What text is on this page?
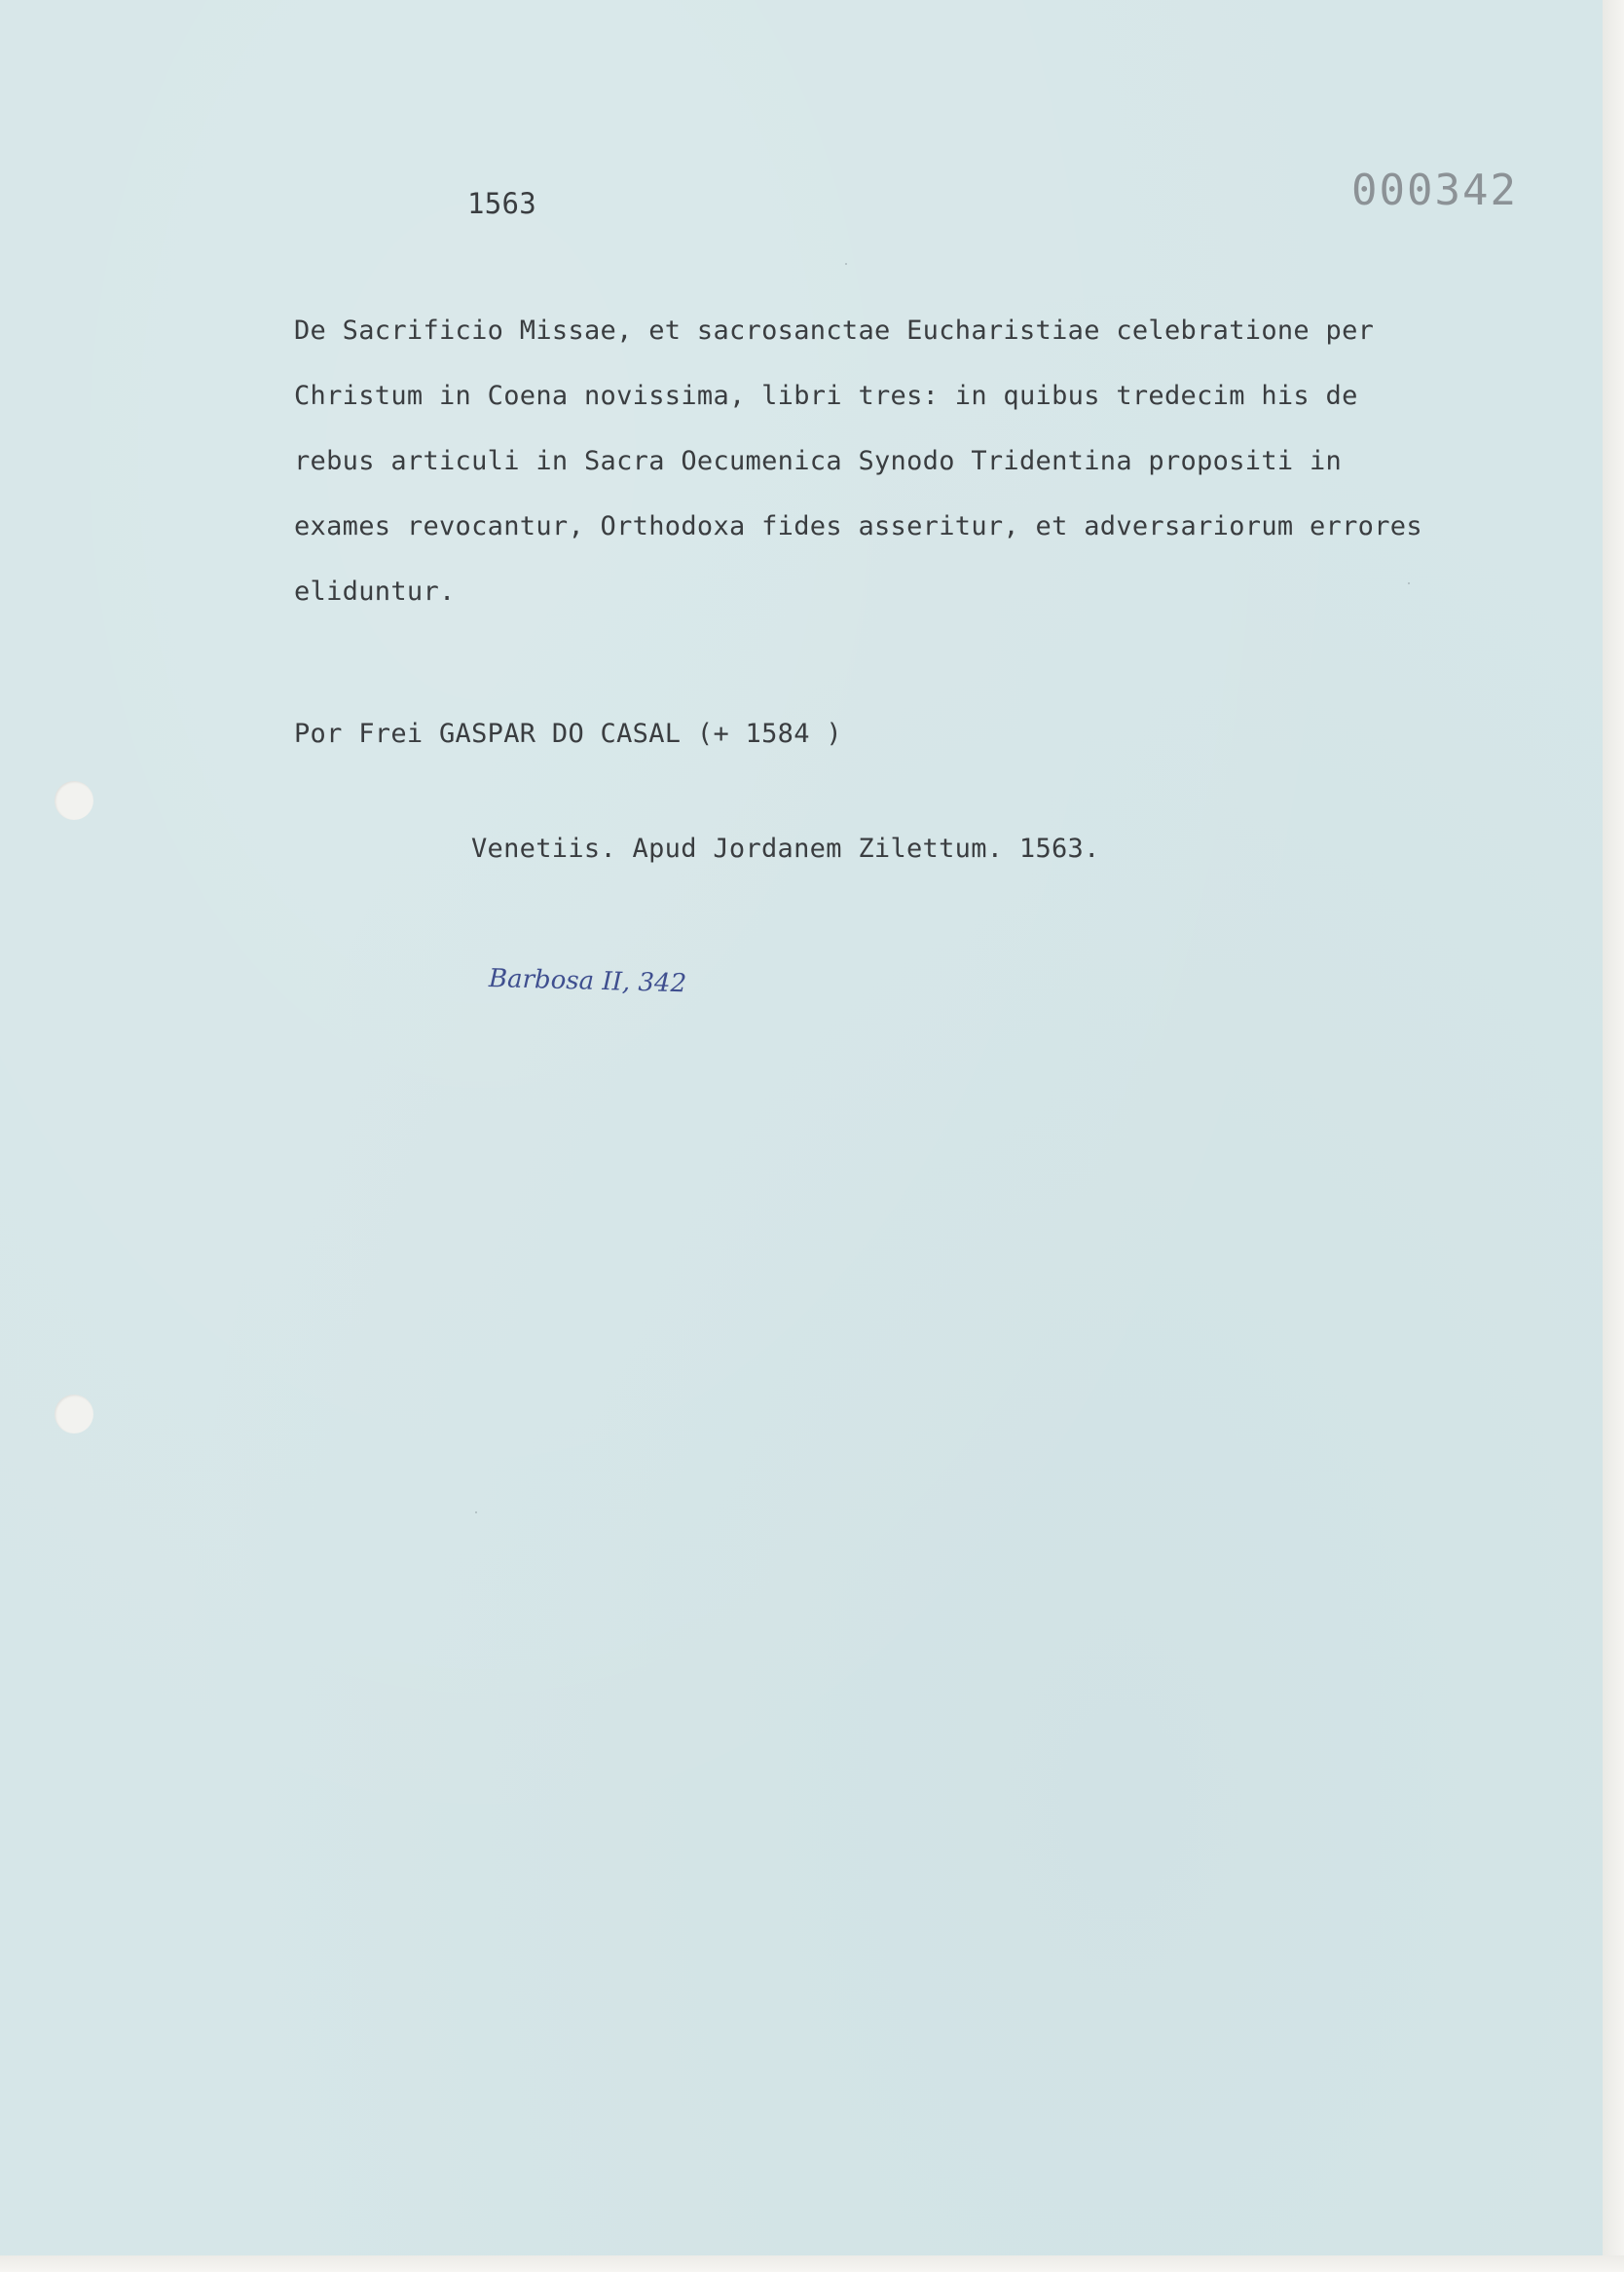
1563	000342
De Sacrificio Missae, et sacrosanctae Eucharistiae celebratione per
Christum in Coena novissima, libri tres: in quibus tredecim his de
rebus articuli in Sacra Oecumenica Synodo Tridentina propositi in
exames revocantur, Orthodoxa fides asseritur, et adversariorum errores
eliduntur.
Por Frei GASPAR DO CASAL (+ 1584 )
Venetiis. Apud Jordanem Zilettum. 1563.
Barbosa II, 342
